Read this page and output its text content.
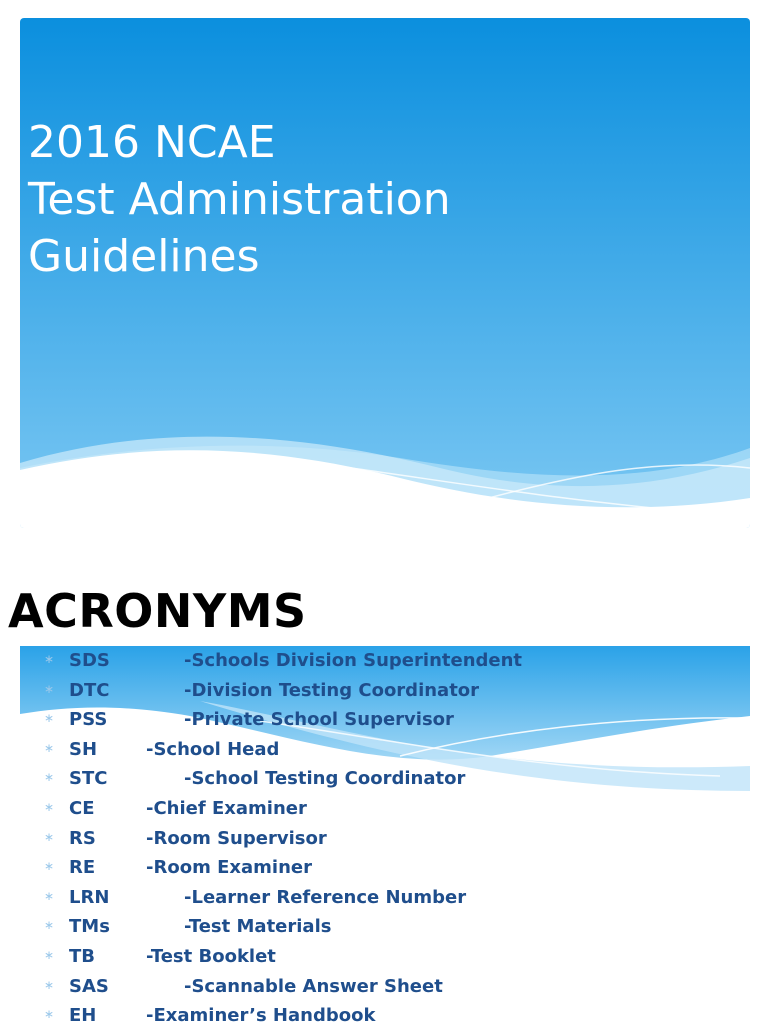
2016 NCAE
Test Administration
Guidelines
ACRONYMS
∗ SDS	-Schools Division Superintendent
∗ DTC	-Division Testing Coordinator
∗ PSS	-Private School Supervisor
∗ SH	-School Head
∗ STC	-School Testing Coordinator
∗ CE	-Chief Examiner
∗ RS	-Room Supervisor
∗ RE	-Room Examiner
∗ LRN	-Learner Reference Number
∗ TMs	-Test Materials
∗ TB	-Test Booklet
∗ SAS	-Scannable Answer Sheet
∗ EH	-Examiner’s Handbook
